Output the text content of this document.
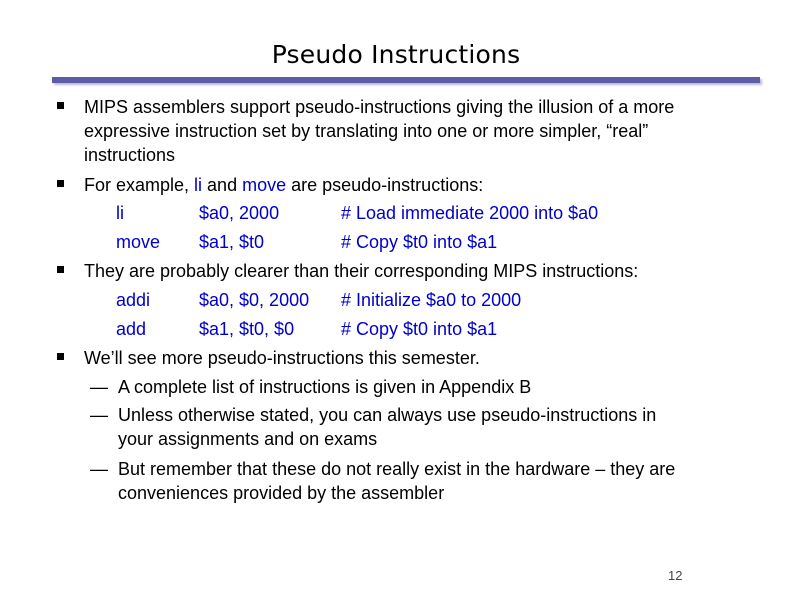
Pseudo Instructions
MIPS assemblers support pseudo-instructions giving the illusion of a more
expressive instruction set by translating into one or more simpler, “real”
instructions
For example, li and move are pseudo-instructions:
li	$a0, 2000	# Load immediate 2000 into $a0
move $a1, $t0	# Copy $t0 into $a1
They are probably clearer than their corresponding MIPS instructions:
addi	$a0, $0, 2000 # Initialize $a0 to 2000
add	$a1, $t0, $0	# Copy $t0 into $a1
We’ll see more pseudo-instructions this semester.
— A complete list of instructions is given in Appendix B
— Unless otherwise stated, you can always use pseudo-instructions in
your assignments and on exams
— But remember that these do not really exist in the hardware – they are
conveniences provided by the assembler
12
